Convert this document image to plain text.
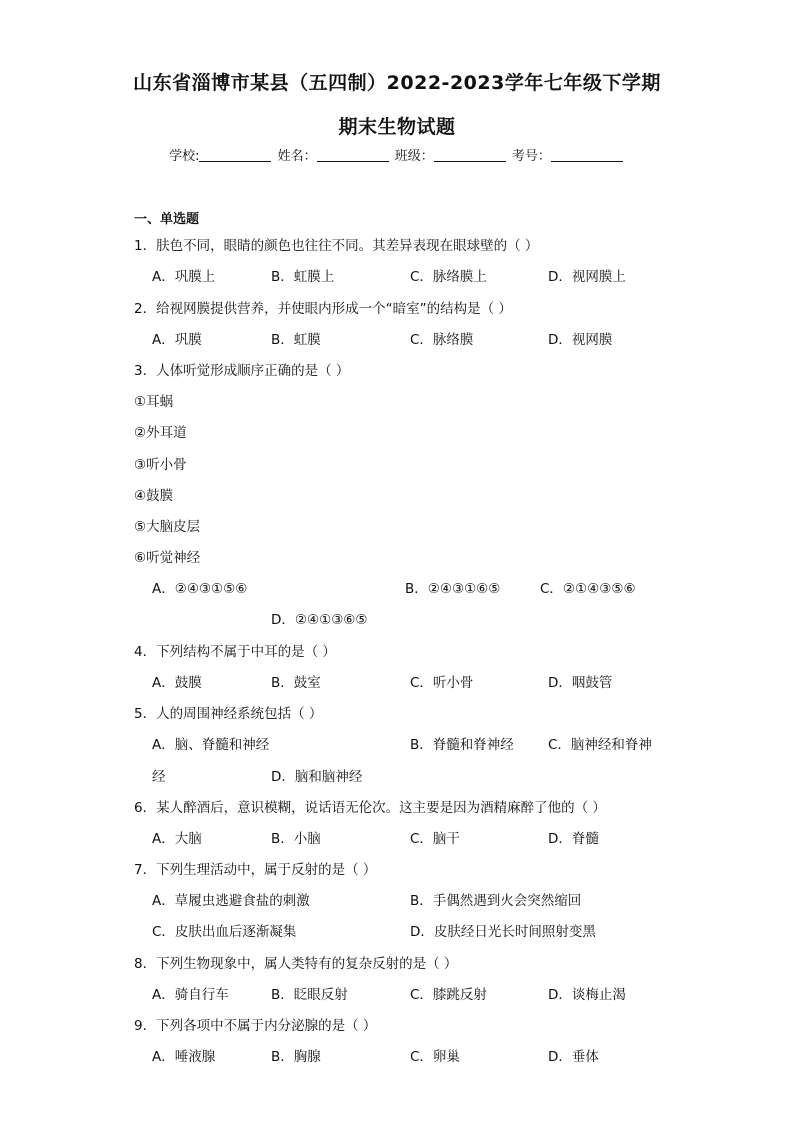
山东省淄博市某县（五四制）2022-2023学年七年级下学期
期末生物试题
学校:	姓名：	班级：	考号：
一、单选题
1．肤色不同，眼睛的颜色也往往不同。其差异表现在眼球壁的（ ）
A．巩膜上	B．虹膜上	C．脉络膜上	D．视网膜上
2．给视网膜提供营养，并使眼内形成一个“暗室”的结构是（ ）
A．巩膜	B．虹膜	C．脉络膜	D．视网膜
3．人体听觉形成顺序正确的是（ ）
①耳蜗
②外耳道
③听小骨
④鼓膜
⑤大脑皮层
⑥听觉神经
A．②④③①⑤⑥	B．②④③①⑥⑤	C．②①④③⑤⑥
D．②④①③⑥⑤
4．下列结构不属于中耳的是（ ）
A．鼓膜	B．鼓室	C．听小骨	D．咽鼓管
5．人的周围神经系统包括（ ）
A．脑、脊髓和神经	B．脊髓和脊神经	C．脑神经和脊神
经	D．脑和脑神经
6．某人醉酒后，意识模糊，说话语无伦次。这主要是因为酒精麻醉了他的（ ）
A．大脑	B．小脑	C．脑干	D．脊髓
7．下列生理活动中，属于反射的是（ ）
A．草履虫逃避食盐的刺激	B．手偶然遇到火会突然缩回
C．皮肤出血后逐渐凝集	D．皮肤经日光长时间照射变黑
8．下列生物现象中，属人类特有的复杂反射的是（ ）
A．骑自行车	B．眨眼反射	C．膝跳反射	D．谈梅止渴
9．下列各项中不属于内分泌腺的是（ ）
A．唾液腺	B．胸腺	C．卵巢	D．垂体
